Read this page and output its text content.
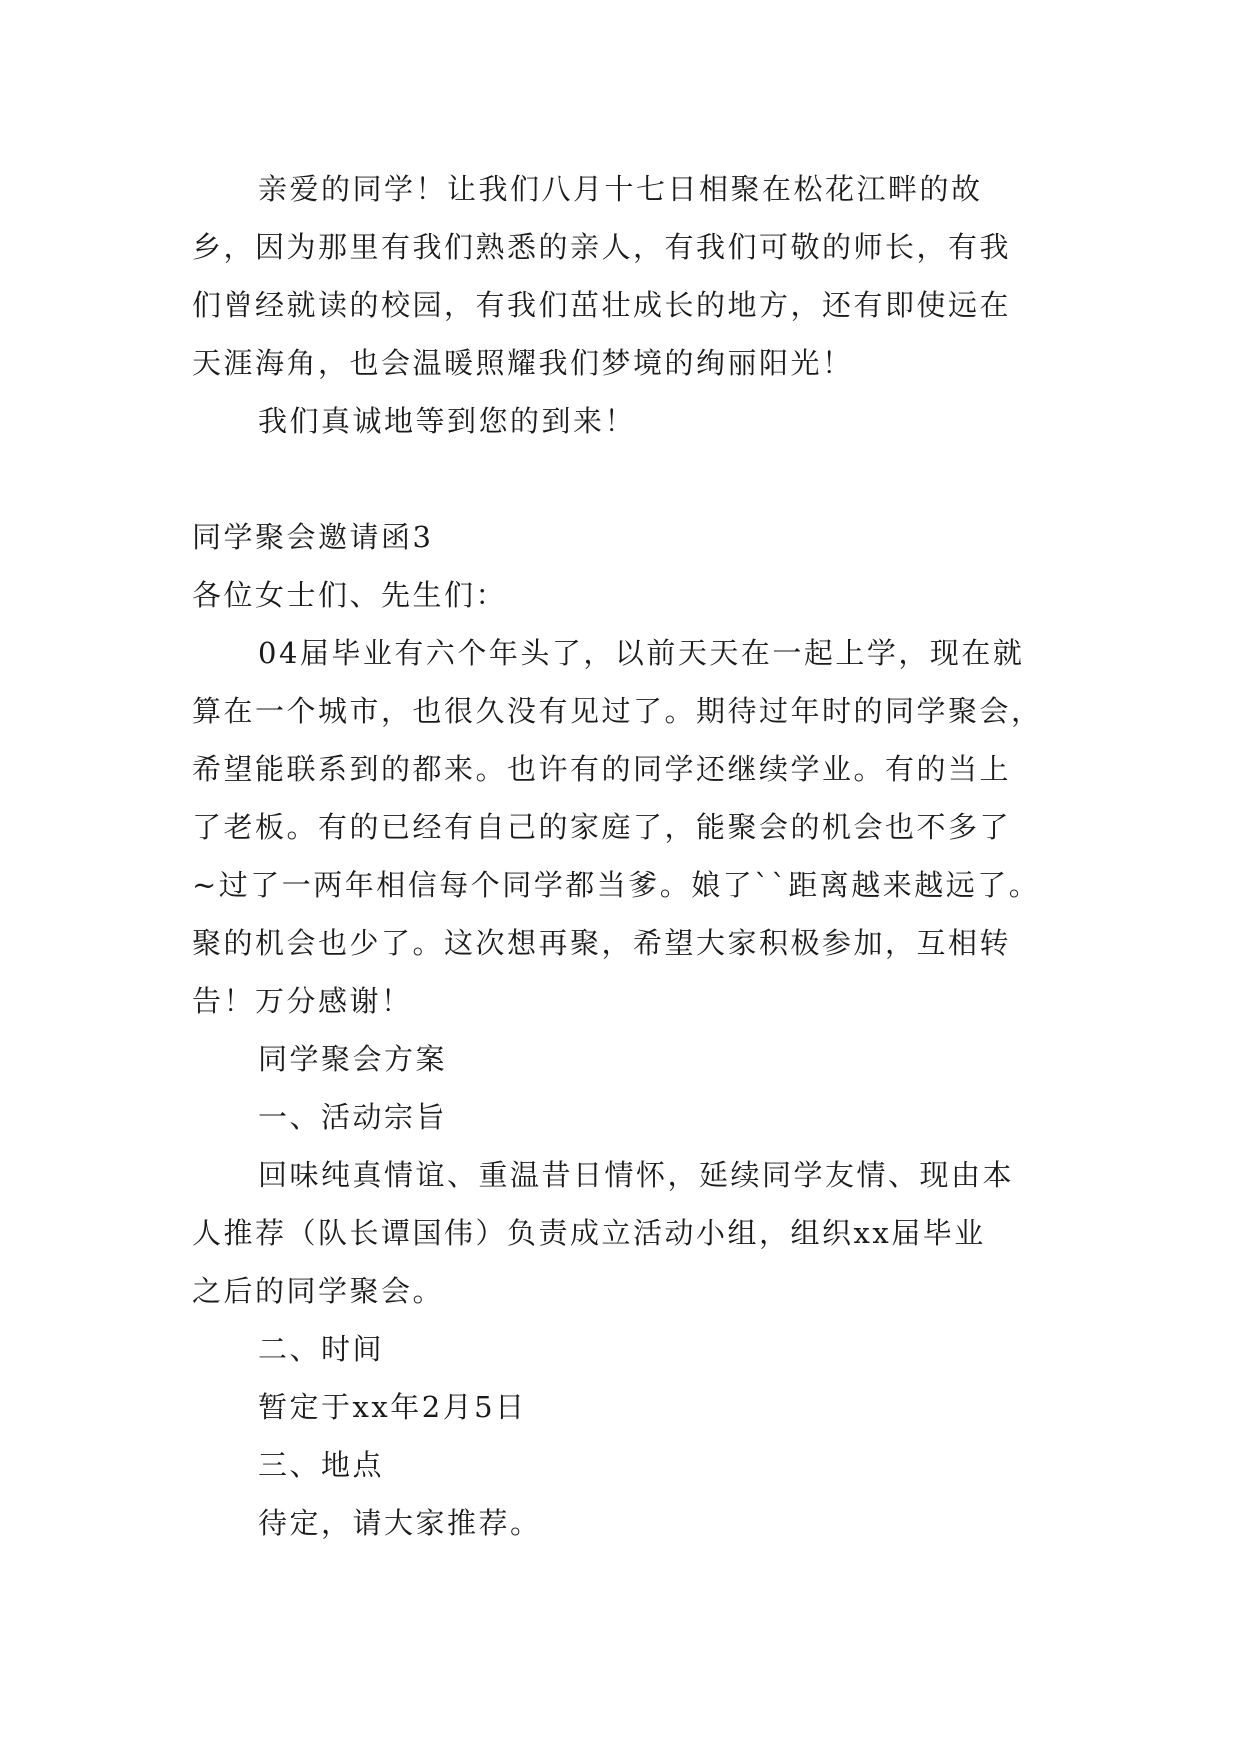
亲爱的同学！让我们八月十七日相聚在松花江畔的故
乡，因为那里有我们熟悉的亲人，有我们可敬的师长，有我
们曾经就读的校园，有我们茁壮成长的地方，还有即使远在
天涯海角，也会温暖照耀我们梦境的绚丽阳光！
我们真诚地等到您的到来！
同学聚会邀请函3
各位女士们、先生们：
04届毕业有六个年头了，以前天天在一起上学，现在就
算在一个城市，也很久没有见过了。期待过年时的同学聚会，
希望能联系到的都来。也许有的同学还继续学业。有的当上
了老板。有的已经有自己的家庭了，能聚会的机会也不多了
~过了一两年相信每个同学都当爹。娘了``距离越来越远了。
聚的机会也少了。这次想再聚，希望大家积极参加，互相转
告！万分感谢！
同学聚会方案
一、活动宗旨
回味纯真情谊、重温昔日情怀，延续同学友情、现由本
人推荐（队长谭国伟）负责成立活动小组，组织xx届毕业
之后的同学聚会。
二、时间
暂定于xx年2月5日
三、地点
待定，请大家推荐。
